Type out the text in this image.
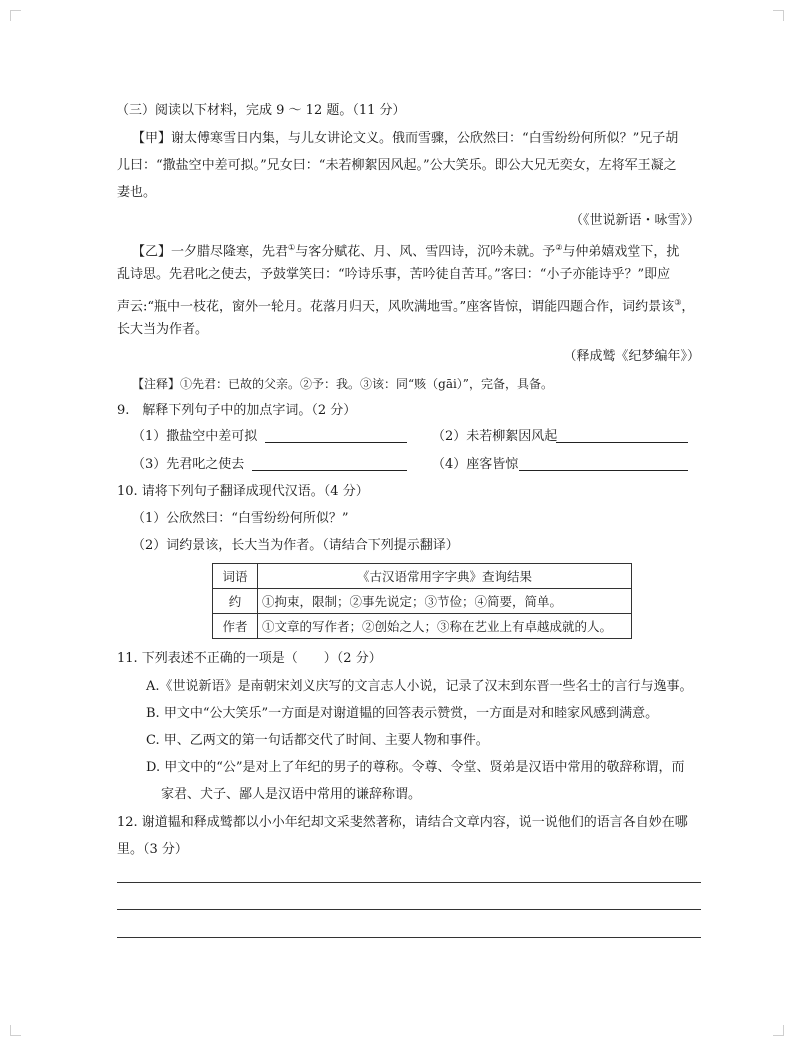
（三）阅读以下材料，完成 9 ～ 12 题。（11 分）
【甲】谢太傅寒雪日内集，与儿女讲论文义。俄而雪骤，公欣然曰：“白雪纷纷何所似？”兄子胡
儿曰：“撒盐空中差可拟。”兄女曰：“未若柳絮因风起。”公大笑乐。即公大兄无奕女，左将军王凝之
妻也。
（《世说新语・咏雪》）
【乙】一夕腊尽隆寒，先君①与客分赋花、月、风、雪四诗，沉吟未就。予②与仲弟嬉戏堂下，扰
乱诗思。先君叱之使去，予鼓掌笑曰：“吟诗乐事，苦吟徒自苦耳。”客曰：“小子亦能诗乎？”即应
声云:“瓶中一枝花，窗外一轮月。花落月归天，风吹满地雪。”座客皆惊，谓能四题合作，词约景该③，
长大当为作者。
（释成鹫《纪梦编年》）
【注释】①先君：已故的父亲。②予：我。③该：同“赅（gāi）”，完备，具备。
9.　解释下列句子中的加点字词。（2 分）
（1）撒盐空中差可拟	（2）未若柳絮因风起
（3）先君叱之使去	（4）座客皆惊
10. 请将下列句子翻译成现代汉语。（4 分）
（1）公欣然曰：“白雪纷纷何所似？”
（2）词约景该，长大当为作者。（请结合下列提示翻译）
词语	《古汉语常用字字典》查询结果
约	①拘束，限制；②事先说定；③节俭；④简要，简单。
作者	①文章的写作者；②创始之人；③称在艺业上有卓越成就的人。
11. 下列表述不正确的一项是（　　）（2 分）
A.《世说新语》是南朝宋刘义庆写的文言志人小说，记录了汉末到东晋一些名士的言行与逸事。
B. 甲文中“公大笑乐”一方面是对谢道韫的回答表示赞赏，一方面是对和睦家风感到满意。
C. 甲、乙两文的第一句话都交代了时间、主要人物和事件。
D. 甲文中的“公”是对上了年纪的男子的尊称。令尊、令堂、贤弟是汉语中常用的敬辞称谓，而
家君、犬子、鄙人是汉语中常用的谦辞称谓。
12. 谢道韫和释成鹫都以小小年纪却文采斐然著称，请结合文章内容，说一说他们的语言各自妙在哪
里。（3 分）
